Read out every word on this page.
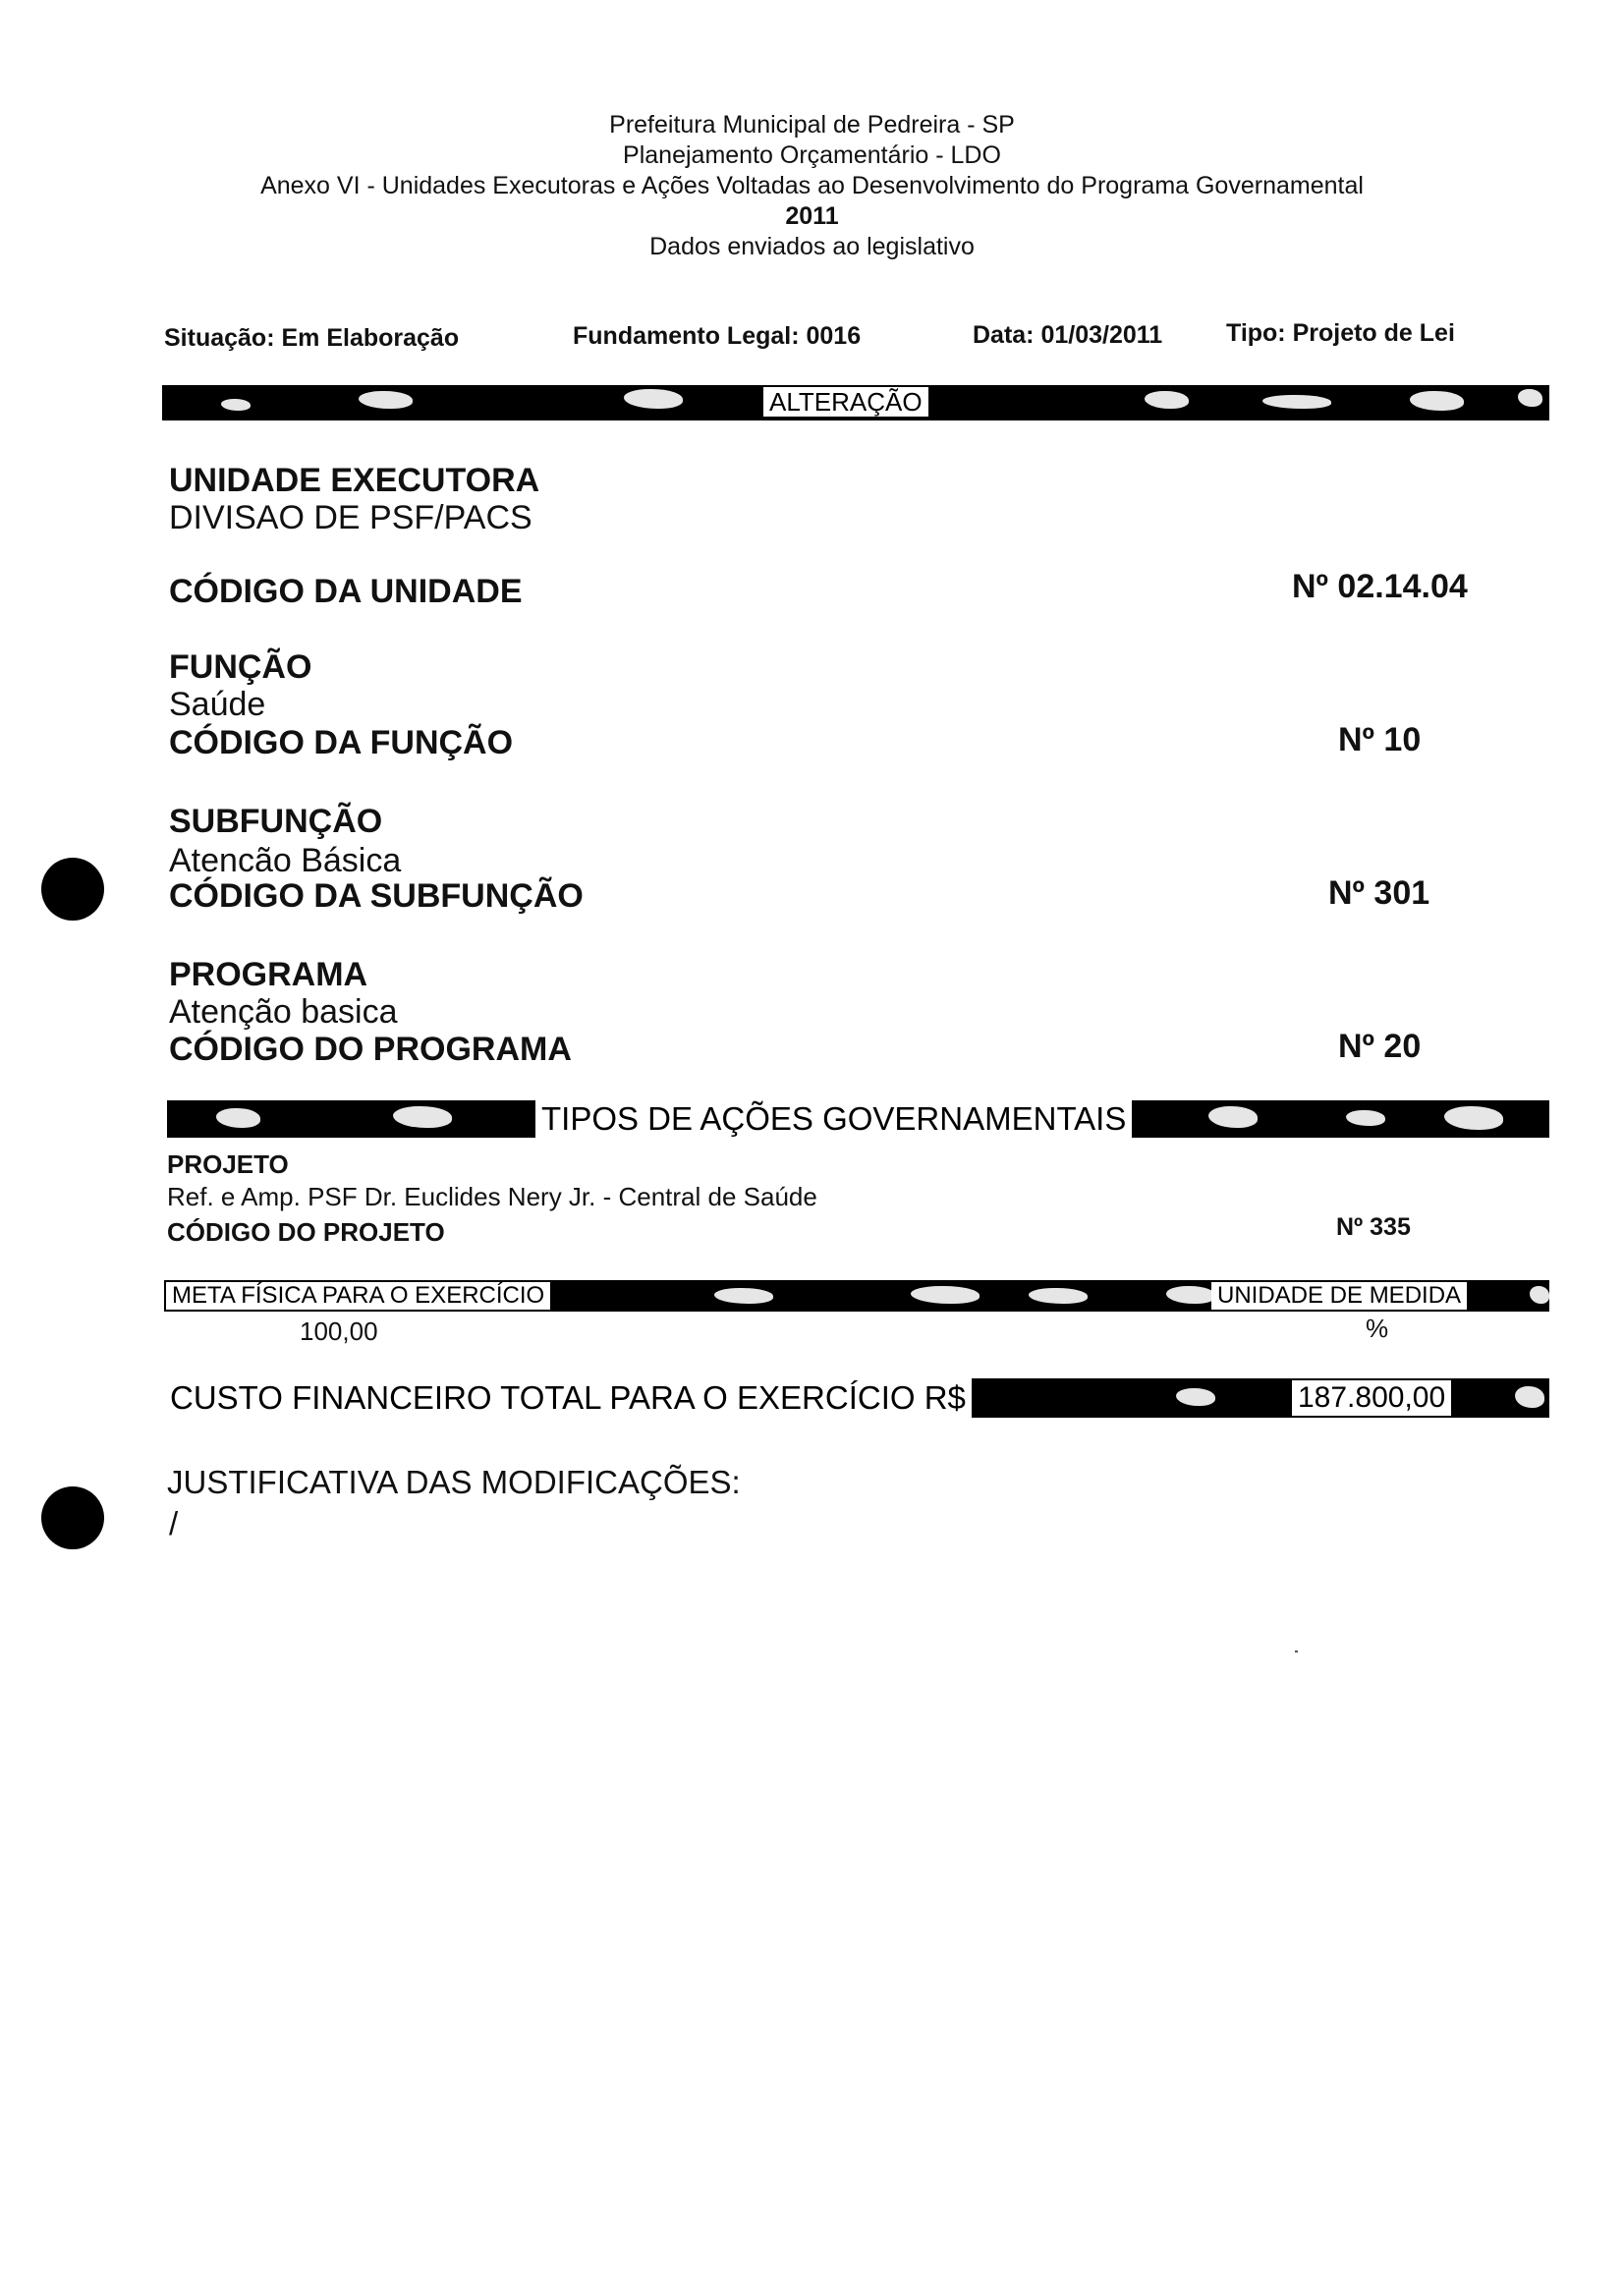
Prefeitura Municipal de Pedreira - SP
Planejamento Orçamentário - LDO
Anexo VI - Unidades Executoras e Ações Voltadas ao Desenvolvimento do Programa Governamental
2011
Dados enviados ao legislativo
Situação: Em Elaboração	Fundamento Legal: 0016	Data: 01/03/2011	Tipo: Projeto de Lei
ALTERAÇÃO
UNIDADE EXECUTORA
DIVISAO DE PSF/PACS
CÓDIGO DA UNIDADE	Nº 02.14.04
FUNÇÃO
Saúde
CÓDIGO DA FUNÇÃO	Nº 10
SUBFUNÇÃO
Atencão Básica
CÓDIGO DA SUBFUNÇÃO	Nº 301
PROGRAMA
Atenção basica
CÓDIGO DO PROGRAMA	Nº 20
TIPOS DE AÇÕES GOVERNAMENTAIS
PROJETO
Ref. e Amp. PSF Dr. Euclides Nery Jr. - Central de Saúde
CÓDIGO DO PROJETO	Nº 335
META FÍSICA PARA O EXERCÍCIO	UNIDADE DE MEDIDA
100,00	%
CUSTO FINANCEIRO TOTAL PARA O EXERCÍCIO R$	187.800,00
JUSTIFICATIVA DAS MODIFICAÇÕES:
/
